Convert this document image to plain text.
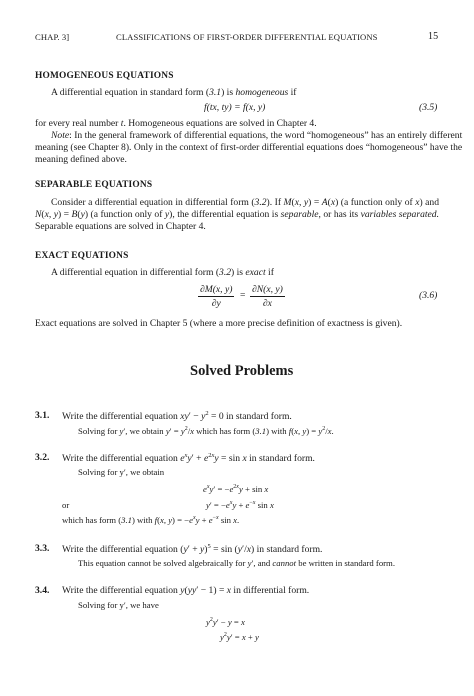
CHAP. 3]	CLASSIFICATIONS OF FIRST-ORDER DIFFERENTIAL EQUATIONS	15
HOMOGENEOUS EQUATIONS
A differential equation in standard form (3.1) is homogeneous if
f(tx, ty) = f(x, y)	(3.5)
for every real number t. Homogeneous equations are solved in Chapter 4.
Note: In the general framework of differential equations, the word “homogeneous” has an entirely different
meaning (see Chapter 8). Only in the context of first-order differential equations does “homogeneous” have the
meaning defined above.
SEPARABLE EQUATIONS
Consider a differential equation in differential form (3.2). If M(x, y) = A(x) (a function only of x) and
N(x, y) = B(y) (a function only of y), the differential equation is separable, or has its variables separated.
Separable equations are solved in Chapter 4.
EXACT EQUATIONS
A differential equation in differential form (3.2) is exact if
$\frac{\partial M(x, y)}{\partial y} = \frac{\partial N(x, y)}{\partial x}$	(3.6)
Exact equations are solved in Chapter 5 (where a more precise definition of exactness is given).
Solved Problems
3.1. Write the differential equation $xy' - y^2 = 0$ in standard form.
Solving for y′, we obtain $y' = y^2/x$ which has form (3.1) with f(x, $y) = y^2/x$.
3.2. Write the differential equation $e^xy' + e^{2x}y = \sin x$ in standard form.
Solving for y′, we obtain
$e^xy' = -e^{2x}y + \sin x$
or	$y' = -e^xy + e^{-x}$ sin x
which has form (3.1) with f(x, $y) = -e^xy + e^{-x}$ sin x.
3.3. Write the differential equation $(y' + y)^5 = \sin (y'/x)$ in standard form.
This equation cannot be solved algebraically for y′, and cannot be written in standard form.
3.4. Write the differential equation y(yy′ − 1) = x in differential form.
Solving for y′, we have
$y^2y' - y = x$
$y^2y' = x + y$
